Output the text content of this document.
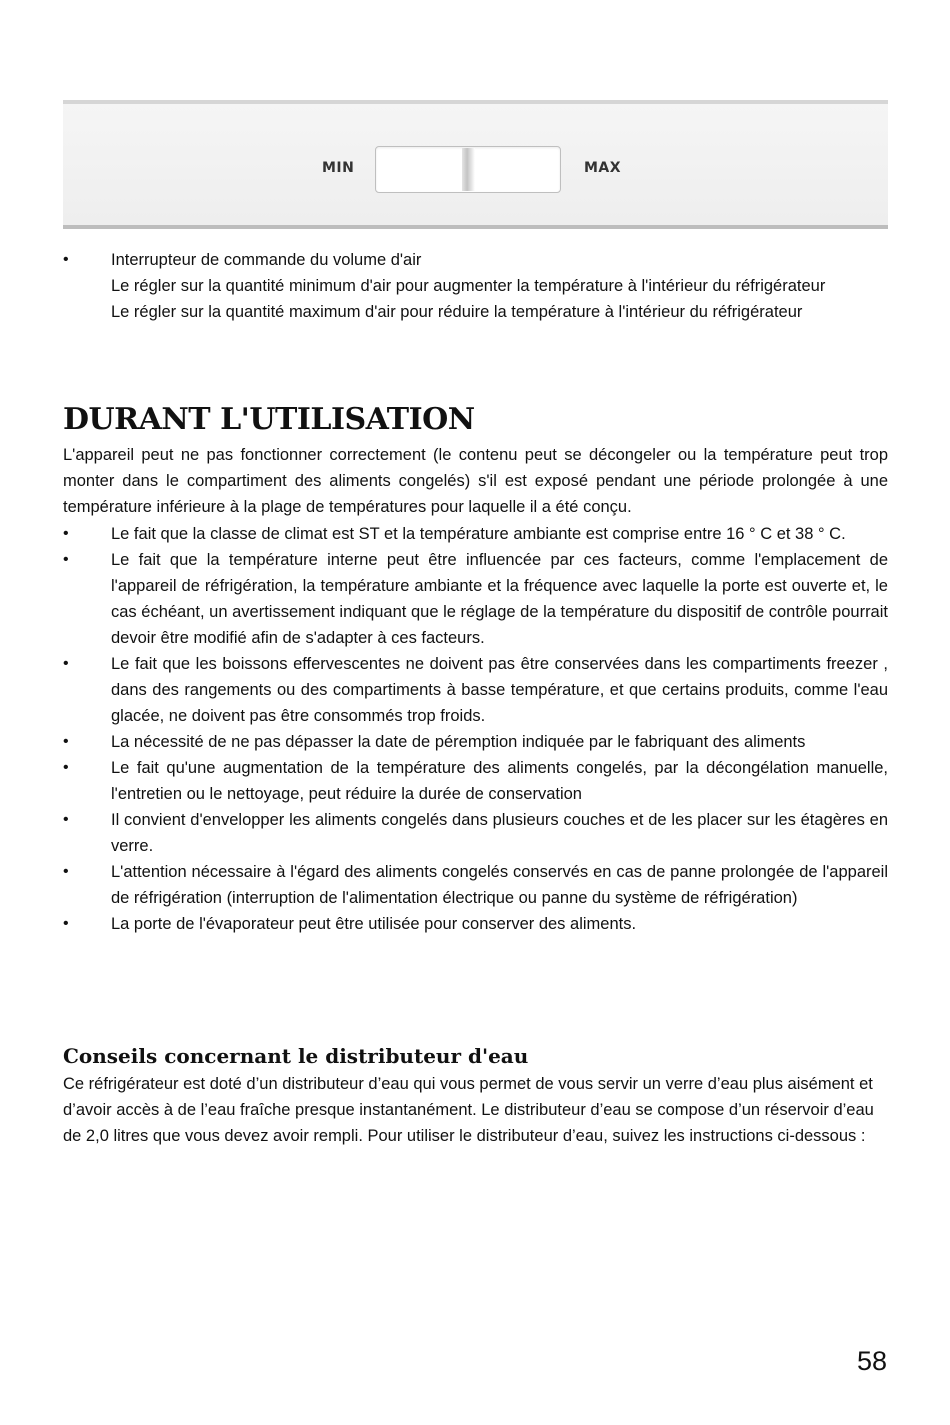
MIN	MAX
• Interrupteur de commande du volume d'air
Le régler sur la quantité minimum d'air pour augmenter la température à l'intérieur du réfrigérateur
Le régler sur la quantité maximum d'air pour réduire la température à l'intérieur du réfrigérateur
DURANT L'UTILISATION
L'appareil peut ne pas fonctionner correctement (le contenu peut se décongeler ou la température peut trop monter dans le compartiment des aliments congelés) s'il est exposé pendant une période prolongée à une température inférieure à la plage de températures pour laquelle il a été conçu.
• Le fait que la classe de climat est ST et la température ambiante est comprise entre 16 ° C et 38 ° C.
• Le fait que la température interne peut être influencée par ces facteurs, comme l'emplacement de l'appareil de réfrigération, la température ambiante et la fréquence avec laquelle la porte est ouverte et, le cas échéant, un avertissement indiquant que le réglage de la température du dispositif de contrôle pourrait devoir être modifié afin de s'adapter à ces facteurs.
• Le fait que les boissons effervescentes ne doivent pas être conservées dans les compartiments freezer , dans des rangements ou des compartiments à basse température, et que certains produits, comme l'eau glacée, ne doivent pas être consommés trop froids.
• La nécessité de ne pas dépasser la date de péremption indiquée par le fabriquant des aliments
• Le fait qu'une augmentation de la température des aliments congelés, par la décongélation manuelle, l'entretien ou le nettoyage, peut réduire la durée de conservation
• Il convient d'envelopper les aliments congelés dans plusieurs couches et de les placer sur les étagères en verre.
• L'attention nécessaire à l'égard des aliments congelés conservés en cas de panne prolongée de l'appareil de réfrigération (interruption de l'alimentation électrique ou panne du système de réfrigération)
• La porte de l'évaporateur peut être utilisée pour conserver des aliments.
Conseils concernant le distributeur d'eau
Ce réfrigérateur est doté d’un distributeur d’eau qui vous permet de vous servir un verre d’eau plus aisément et d’avoir accès à de l’eau fraîche presque instantanément. Le distributeur d’eau se compose d’un réservoir d’eau de 2,0 litres que vous devez avoir rempli. Pour utiliser le distributeur d’eau, suivez les instructions ci-dessous :
58
